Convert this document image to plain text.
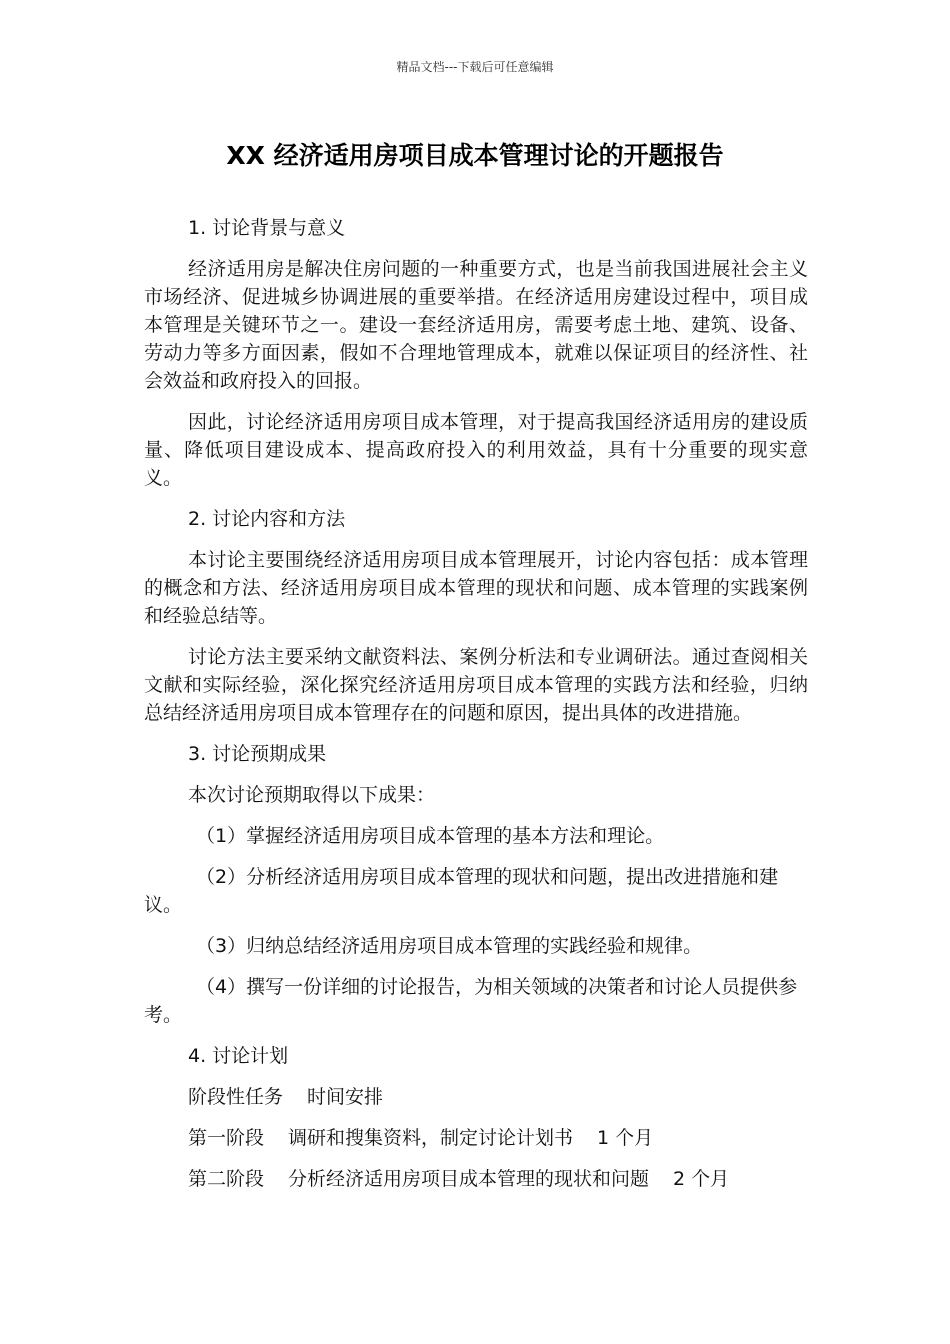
精品文档---下载后可任意编辑
XX 经济适用房项目成本管理讨论的开题报告

1. 讨论背景与意义

经济适用房是解决住房问题的一种重要方式，也是当前我国进展社会主义市场经济、促进城乡协调进展的重要举措。在经济适用房建设过程中，项目成本管理是关键环节之一。建设一套经济适用房，需要考虑土地、建筑、设备、劳动力等多方面因素，假如不合理地管理成本，就难以保证项目的经济性、社会效益和政府投入的回报。

因此，讨论经济适用房项目成本管理，对于提高我国经济适用房的建设质量、降低项目建设成本、提高政府投入的利用效益，具有十分重要的现实意义。

2. 讨论内容和方法

本讨论主要围绕经济适用房项目成本管理展开，讨论内容包括：成本管理的概念和方法、经济适用房项目成本管理的现状和问题、成本管理的实践案例和经验总结等。

讨论方法主要采纳文献资料法、案例分析法和专业调研法。通过查阅相关文献和实际经验，深化探究经济适用房项目成本管理的实践方法和经验，归纳总结经济适用房项目成本管理存在的问题和原因，提出具体的改进措施。

3. 讨论预期成果

本次讨论预期取得以下成果：

（1）掌握经济适用房项目成本管理的基本方法和理论。

（2）分析经济适用房项目成本管理的现状和问题，提出改进措施和建议。

（3）归纳总结经济适用房项目成本管理的实践经验和规律。

（4）撰写一份详细的讨论报告，为相关领域的决策者和讨论人员提供参考。

4. 讨论计划

阶段性任务 时间安排
第一阶段 调研和搜集资料，制定讨论计划书 1 个月
第二阶段 分析经济适用房项目成本管理的现状和问题 2 个月
